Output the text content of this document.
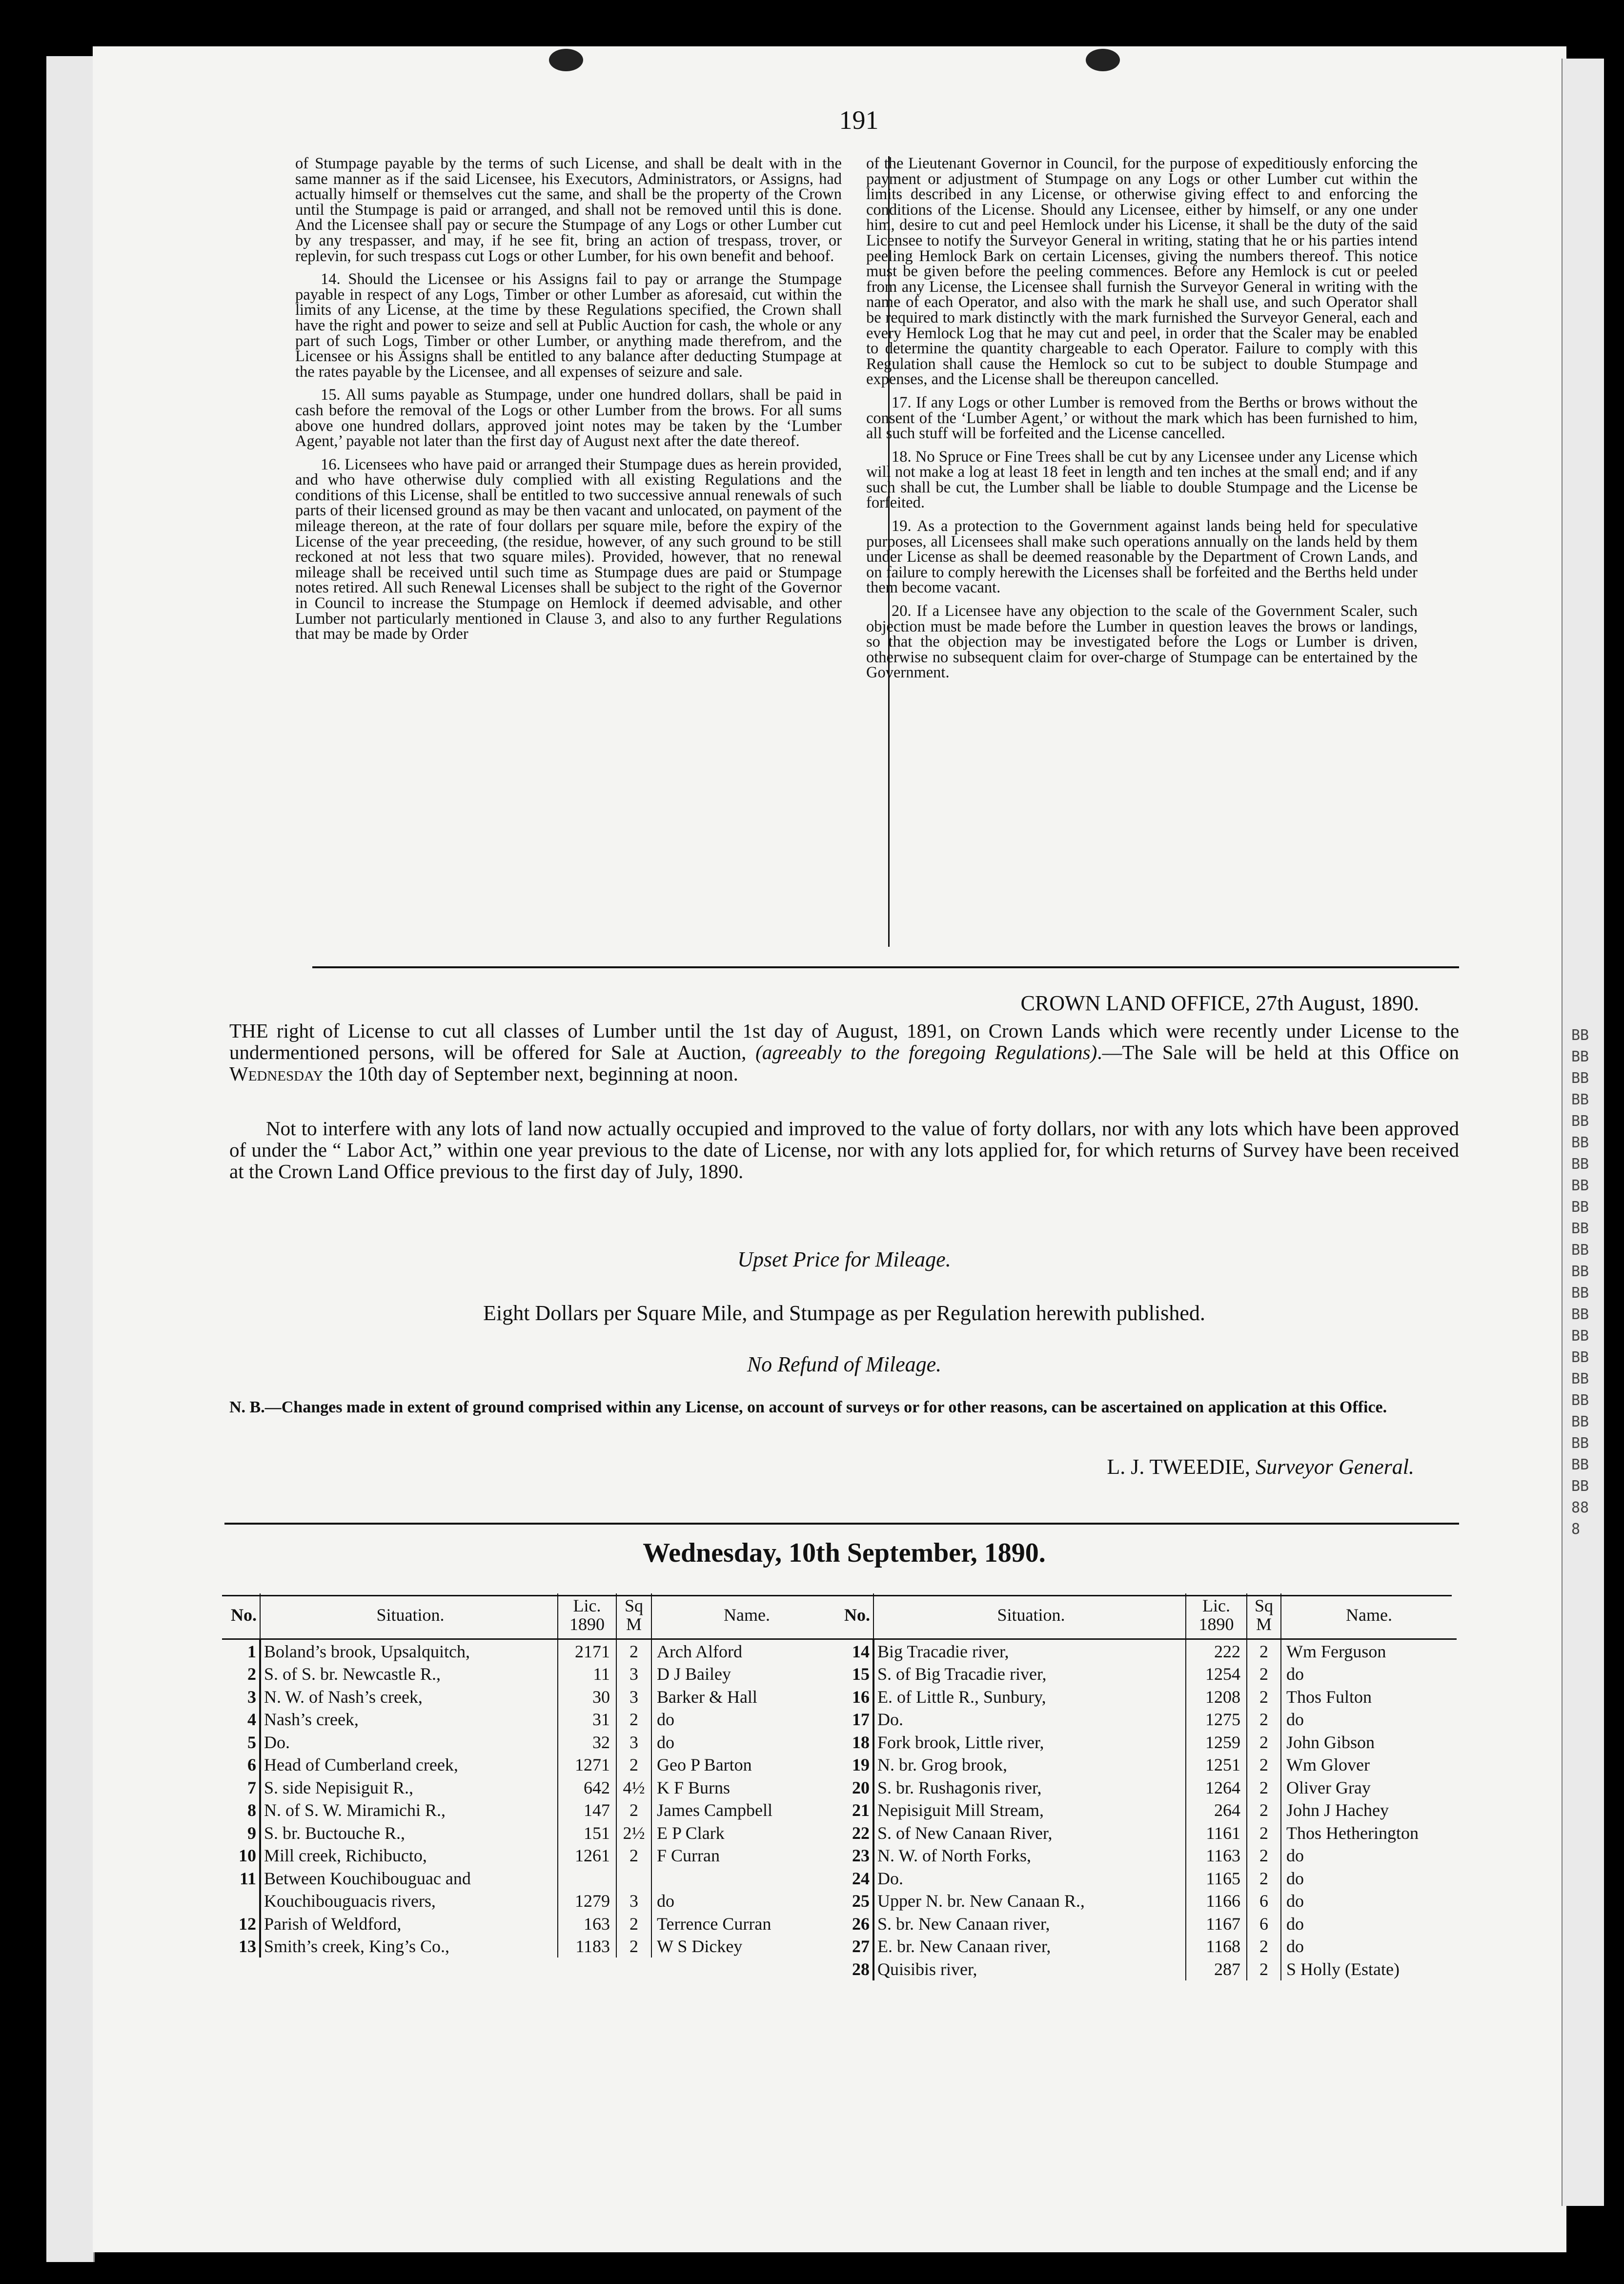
BBBBBBBBBBBBBBBBBBBBBBBBBBBBBBBBBBBBBBBBBBBB888
191

of Stumpage payable by the terms of such License, and shall be dealt with in the same manner as if the said Licensee, his Executors, Administrators, or Assigns, had actually himself or themselves cut the same, and shall be the property of the Crown until the Stumpage is paid or arranged, and shall not be removed until this is done. And the Licensee shall pay or secure the Stumpage of any Logs or other Lumber cut by any trespasser, and may, if he see fit, bring an action of trespass, trover, or replevin, for such trespass cut Logs or other Lumber, for his own benefit and behoof.

14. Should the Licensee or his Assigns fail to pay or arrange the Stumpage payable in respect of any Logs, Timber or other Lumber as aforesaid, cut within the limits of any License, at the time by these Regulations specified, the Crown shall have the right and power to seize and sell at Public Auction for cash, the whole or any part of such Logs, Timber or other Lumber, or anything made therefrom, and the Licensee or his Assigns shall be entitled to any balance after deducting Stumpage at the rates payable by the Licensee, and all expenses of seizure and sale.

15. All sums payable as Stumpage, under one hundred dollars, shall be paid in cash before the removal of the Logs or other Lumber from the brows. For all sums above one hundred dollars, approved joint notes may be taken by the ‘Lumber Agent,’ payable not later than the first day of August next after the date thereof.

16. Licensees who have paid or arranged their Stumpage dues as herein provided, and who have otherwise duly complied with all existing Regulations and the conditions of this License, shall be entitled to two successive annual renewals of such parts of their licensed ground as may be then vacant and unlocated, on payment of the mileage thereon, at the rate of four dollars per square mile, before the expiry of the License of the year preceeding, (the residue, however, of any such ground to be still reckoned at not less that two square miles). Provided, however, that no renewal mileage shall be received until such time as Stumpage dues are paid or Stumpage notes retired. All such Renewal Licenses shall be subject to the right of the Governor in Council to increase the Stumpage on Hemlock if deemed advisable, and other Lumber not particularly mentioned in Clause 3, and also to any further Regulations that may be made by Order

of the Lieutenant Governor in Council, for the purpose of expeditiously enforcing the payment or adjustment of Stumpage on any Logs or other Lumber cut within the limits described in any License, or otherwise giving effect to and enforcing the conditions of the License. Should any Licensee, either by himself, or any one under him, desire to cut and peel Hemlock under his License, it shall be the duty of the said Licensee to notify the Surveyor General in writing, stating that he or his parties intend peeling Hemlock Bark on certain Licenses, giving the numbers thereof. This notice must be given before the peeling commences. Before any Hemlock is cut or peeled from any License, the Licensee shall furnish the Surveyor General in writing with the name of each Operator, and also with the mark he shall use, and such Operator shall be required to mark distinctly with the mark furnished the Surveyor General, each and every Hemlock Log that he may cut and peel, in order that the Scaler may be enabled to determine the quantity chargeable to each Operator. Failure to comply with this Regulation shall cause the Hemlock so cut to be subject to double Stumpage and expenses, and the License shall be thereupon cancelled.

17. If any Logs or other Lumber is removed from the Berths or brows without the consent of the ‘Lumber Agent,’ or without the mark which has been furnished to him, all such stuff will be forfeited and the License cancelled.

18. No Spruce or Fine Trees shall be cut by any Licensee under any License which will not make a log at least 18 feet in length and ten inches at the small end; and if any such shall be cut, the Lumber shall be liable to double Stumpage and the License be forfeited.

19. As a protection to the Government against lands being held for speculative purposes, all Licensees shall make such operations annually on the lands held by them under License as shall be deemed reasonable by the Department of Crown Lands, and on failure to comply herewith the Licenses shall be forfeited and the Berths held under them become vacant.

20. If a Licensee have any objection to the scale of the Government Scaler, such objection must be made before the Lumber in question leaves the brows or landings, so that the objection may be investigated before the Logs or Lumber is driven, otherwise no subsequent claim for over-charge of Stumpage can be entertained by the Government.

CROWN LAND OFFICE, 27th August, 1890.
THE right of License to cut all classes of Lumber until the 1st day of August, 1891, on Crown Lands which were recently under License to the undermentioned persons, will be offered for Sale at Auction, (agreeably to the foregoing Regulations).—The Sale will be held at this Office on Wednesday the 10th day of September next, beginning at noon.
Not to interfere with any lots of land now actually occupied and improved to the value of forty dollars, nor with any lots which have been approved of under the “ Labor Act,” within one year previous to the date of License, nor with any lots applied for, for which returns of Survey have been received at the Crown Land Office previous to the first day of July, 1890.
Upset Price for Mileage.
Eight Dollars per Square Mile, and Stumpage as per Regulation herewith published.
No Refund of Mileage.
N. B.—Changes made in extent of ground comprised within any License, on account of surveys or for other reasons, can be ascertained on application at this Office.
L. J. TWEEDIE, Surveyor General.
Wednesday, 10th September, 1890.
No.	Situation.	Lic. 1890	Sq M	Name.
1	Boland’s brook, Upsalquitch,	2171	2	Arch Alford
2	S. of S. br. Newcastle R.,	11	3	D J Bailey
3	N. W. of Nash’s creek,	30	3	Barker & Hall
4	Nash’s creek,	31	2	do
5	Do.	32	3	do
6	Head of Cumberland creek,	1271	2	Geo P Barton
7	S. side Nepisiguit R.,	642	4½	K F Burns
8	N. of S. W. Miramichi R.,	147	2	James Campbell
9	S. br. Buctouche R.,	151	2½	E P Clark
10	Mill creek, Richibucto,	1261	2	F Curran
11	Between Kouchibouguac and			
	Kouchibouguacis rivers,	1279	3	do
12	Parish of Weldford,	163	2	Terrence Curran
13	Smith’s creek, King’s Co.,	1183	2	W S Dickey
No.	Situation.	Lic. 1890	Sq M	Name.
14	Big Tracadie river,	222	2	Wm Ferguson
15	S. of Big Tracadie river,	1254	2	do
16	E. of Little R., Sunbury,	1208	2	Thos Fulton
17	Do.	1275	2	do
18	Fork brook, Little river,	1259	2	John Gibson
19	N. br. Grog brook,	1251	2	Wm Glover
20	S. br. Rushagonis river,	1264	2	Oliver Gray
21	Nepisiguit Mill Stream,	264	2	John J Hachey
22	S. of New Canaan River,	1161	2	Thos Hetherington
23	N. W. of North Forks,	1163	2	do
24	Do.	1165	2	do
25	Upper N. br. New Canaan R.,	1166	6	do
26	S. br. New Canaan river,	1167	6	do
27	E. br. New Canaan river,	1168	2	do
28	Quisibis river,	287	2	S Holly (Estate)
